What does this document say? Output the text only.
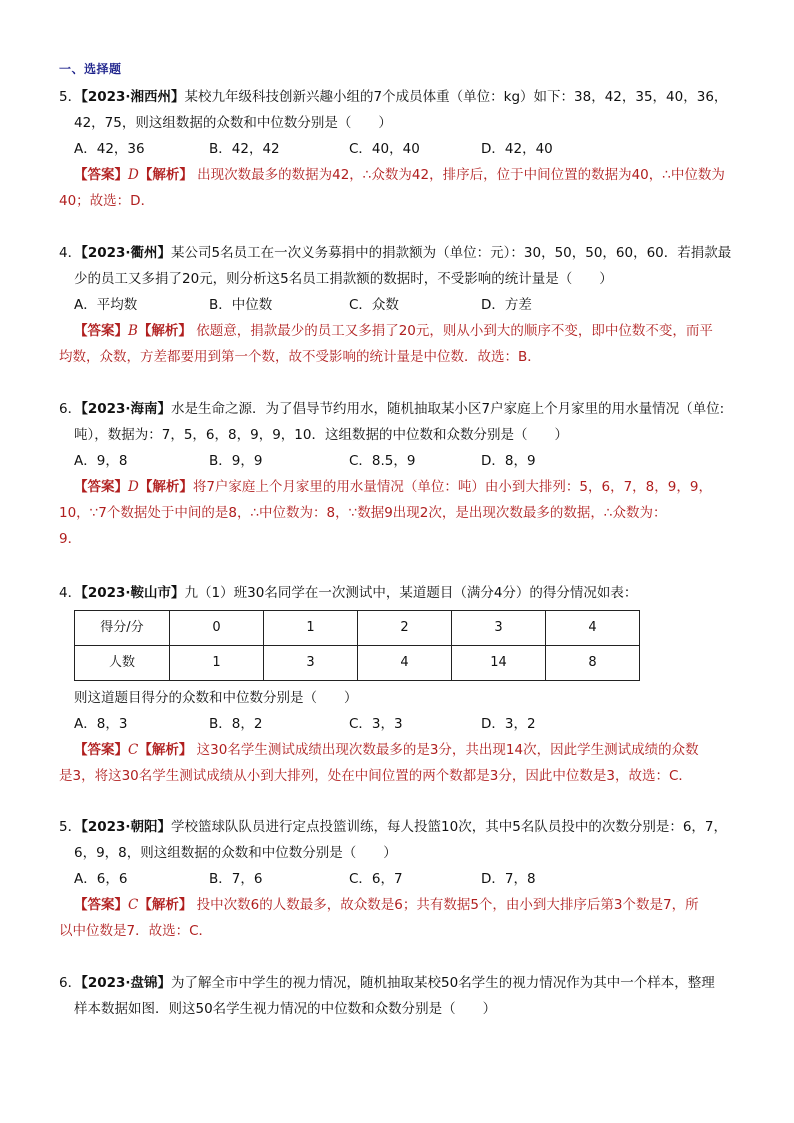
一、选择题
5．【2023·湘西州】某校九年级科技创新兴趣小组的7个成员体重（单位：kg）如下：38，42，35，40，36，
42，75，则这组数据的众数和中位数分别是（　　）
A．42，36	B．42，42	C．40，40	D．42，40
【答案】D【解析】 出现次数最多的数据为42，∴众数为42，排序后，位于中间位置的数据为40，∴中位数为
40；故选：D．
4．【2023·衢州】某公司5名员工在一次义务募捐中的捐款额为（单位：元）：30，50，50，60，60．若捐款最
少的员工又多捐了20元，则分析这5名员工捐款额的数据时，不受影响的统计量是（　　）
A．平均数	B．中位数	C．众数	D．方差
【答案】B【解析】 依题意，捐款最少的员工又多捐了20元，则从小到大的顺序不变，即中位数不变，而平
均数，众数，方差都要用到第一个数，故不受影响的统计量是中位数．故选：B．
6．【2023·海南】水是生命之源．为了倡导节约用水，随机抽取某小区7户家庭上个月家里的用水量情况（单位:
吨），数据为：7，5，6，8，9，9，10．这组数据的中位数和众数分别是（　　）
A．9，8	B．9，9	C．8.5，9	D．8，9
【答案】D【解析】将7户家庭上个月家里的用水量情况（单位：吨）由小到大排列：5，6，7，8，9，9，
10，∵7个数据处于中间的是8，∴中位数为：8，∵数据9出现2次，是出现次数最多的数据，∴众数为：
9．
4．【2023·鞍山市】九（1）班30名同学在一次测试中，某道题目（满分4分）的得分情况如表：
得分/分	0	1	2	3	4
人数	1	3	4	14	8
则这道题目得分的众数和中位数分别是（　　）
A．8，3	B．8，2	C．3，3	D．3，2
【答案】C【解析】 这30名学生测试成绩出现次数最多的是3分，共出现14次，因此学生测试成绩的众数
是3，将这30名学生测试成绩从小到大排列，处在中间位置的两个数都是3分，因此中位数是3，故选：C．
5．【2023·朝阳】学校篮球队队员进行定点投篮训练，每人投篮10次，其中5名队员投中的次数分别是：6，7，
6，9，8，则这组数据的众数和中位数分别是（　　）
A．6，6	B．7，6	C．6，7	D．7，8
【答案】C【解析】 投中次数6的人数最多，故众数是6；共有数据5个，由小到大排序后第3个数是7，所
以中位数是7．故选：C．
6．【2023·盘锦】为了解全市中学生的视力情况，随机抽取某校50名学生的视力情况作为其中一个样本，整理
样本数据如图．则这50名学生视力情况的中位数和众数分别是（　　）
